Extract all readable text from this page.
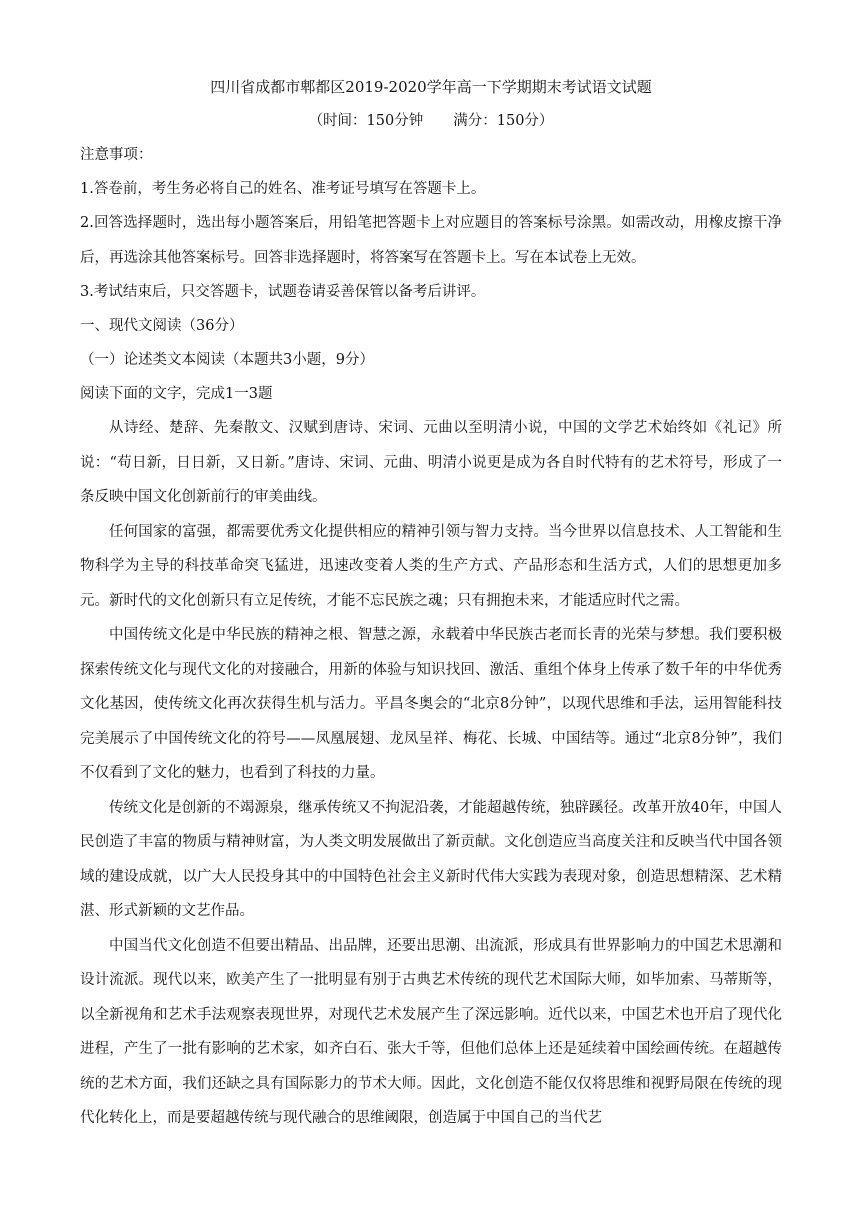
四川省成都市郫都区2019-2020学年高一下学期期末考试语文试题

（时间：150分钟 满分：150分）

注意事项：

1.答卷前，考生务必将自己的姓名、准考证号填写在答题卡上。

2.回答选择题时，选出每小题答案后，用铅笔把答题卡上对应题目的答案标号涂黑。如需改动，用橡皮擦干净后，再选涂其他答案标号。回答非选择题时，将答案写在答题卡上。写在本试卷上无效。

3.考试结束后，只交答题卡，试题卷请妥善保管以备考后讲评。

一、现代文阅读（36分）

（一）论述类文本阅读（本题共3小题，9分）

阅读下面的文字，完成1一3题

从诗经、楚辞、先秦散文、汉赋到唐诗、宋词、元曲以至明清小说，中国的文学艺术始终如《礼记》所说：“苟日新，日日新，又日新。”唐诗、宋词、元曲、明清小说更是成为各自时代特有的艺术符号，形成了一条反映中国文化创新前行的审美曲线。

任何国家的富强，都需要优秀文化提供相应的精神引领与智力支持。当今世界以信息技术、人工智能和生物科学为主导的科技革命突飞猛进，迅速改变着人类的生产方式、产品形态和生活方式，人们的思想更加多元。新时代的文化创新只有立足传统，才能不忘民族之魂；只有拥抱未来，才能适应时代之需。

中国传统文化是中华民族的精神之根、智慧之源，永载着中华民族古老而长青的光荣与梦想。我们要积极探索传统文化与现代文化的对接融合，用新的体验与知识找回、激活、重组个体身上传承了数千年的中华优秀文化基因，使传统文化再次获得生机与活力。平昌冬奥会的“北京8分钟”，以现代思维和手法，运用智能科技完美展示了中国传统文化的符号——凤凰展翅、龙凤呈祥、梅花、长城、中国结等。通过“北京8分钟”，我们不仅看到了文化的魅力，也看到了科技的力量。

传统文化是创新的不竭源泉，继承传统又不拘泥沿袭，才能超越传统，独辟蹊径。改革开放40年，中国人民创造了丰富的物质与精神财富，为人类文明发展做出了新贡献。文化创造应当高度关注和反映当代中国各领域的建设成就，以广大人民投身其中的中国特色社会主义新时代伟大实践为表现对象，创造思想精深、艺术精湛、形式新颖的文艺作品。

中国当代文化创造不但要出精品、出品牌，还要出思潮、出流派，形成具有世界影响力的中国艺术思潮和设计流派。现代以来，欧美产生了一批明显有别于古典艺术传统的现代艺术国际大师，如毕加索、马蒂斯等，以全新视角和艺术手法观察表现世界，对现代艺术发展产生了深远影响。近代以来，中国艺术也开启了现代化进程，产生了一批有影响的艺术家，如齐白石、张大千等，但他们总体上还是延续着中国绘画传统。在超越传统的艺术方面，我们还缺之具有国际影力的节术大师。因此，文化创造不能仅仅将思维和视野局限在传统的现代化转化上，而是要超越传统与现代融合的思维阈限，创造属于中国自己的当代艺
